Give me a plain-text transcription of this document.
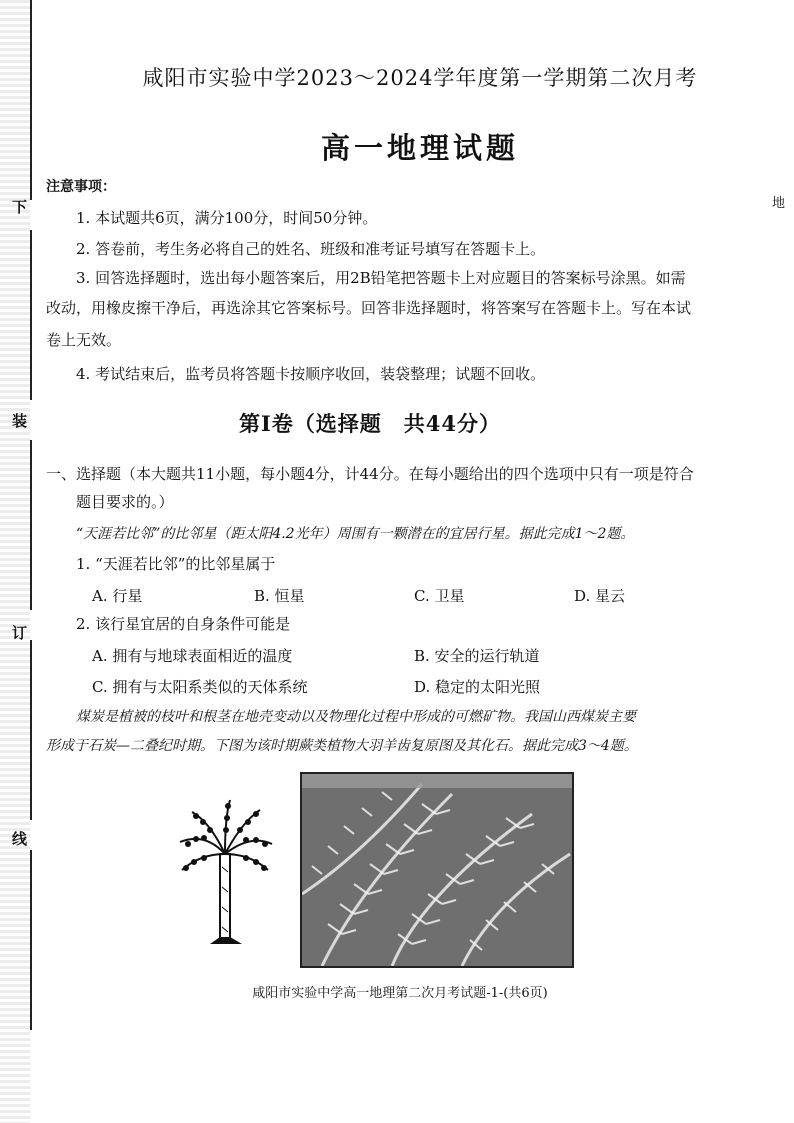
下
装
订
线
地
咸阳市实验中学2023～2024学年度第一学期第二次月考
高一地理试题
注意事项：
1. 本试题共6页，满分100分，时间50分钟。
2. 答卷前，考生务必将自己的姓名、班级和准考证号填写在答题卡上。
3. 回答选择题时，选出每小题答案后，用2B铅笔把答题卡上对应题目的答案标号涂黑。如需
改动，用橡皮擦干净后，再选涂其它答案标号。回答非选择题时，将答案写在答题卡上。写在本试
卷上无效。
4. 考试结束后，监考员将答题卡按顺序收回，装袋整理；试题不回收。
第Ⅰ卷（选择题　共44分）
一、选择题（本大题共11小题，每小题4分，计44分。在每小题给出的四个选项中只有一项是符合
题目要求的。）
“天涯若比邻”的比邻星（距太阳4.2光年）周围有一颗潜在的宜居行星。据此完成1～2题。
1. “天涯若比邻”的比邻星属于
A. 行星	B. 恒星	C. 卫星	D. 星云
2. 该行星宜居的自身条件可能是
A. 拥有与地球表面相近的温度	B. 安全的运行轨道
C. 拥有与太阳系类似的天体系统	D. 稳定的太阳光照
煤炭是植被的枝叶和根茎在地壳变动以及物理化过程中形成的可燃矿物。我国山西煤炭主要
形成于石炭—二叠纪时期。下图为该时期蕨类植物大羽羊齿复原图及其化石。据此完成3～4题。
咸阳市实验中学高一地理第二次月考试题-1-(共6页)
